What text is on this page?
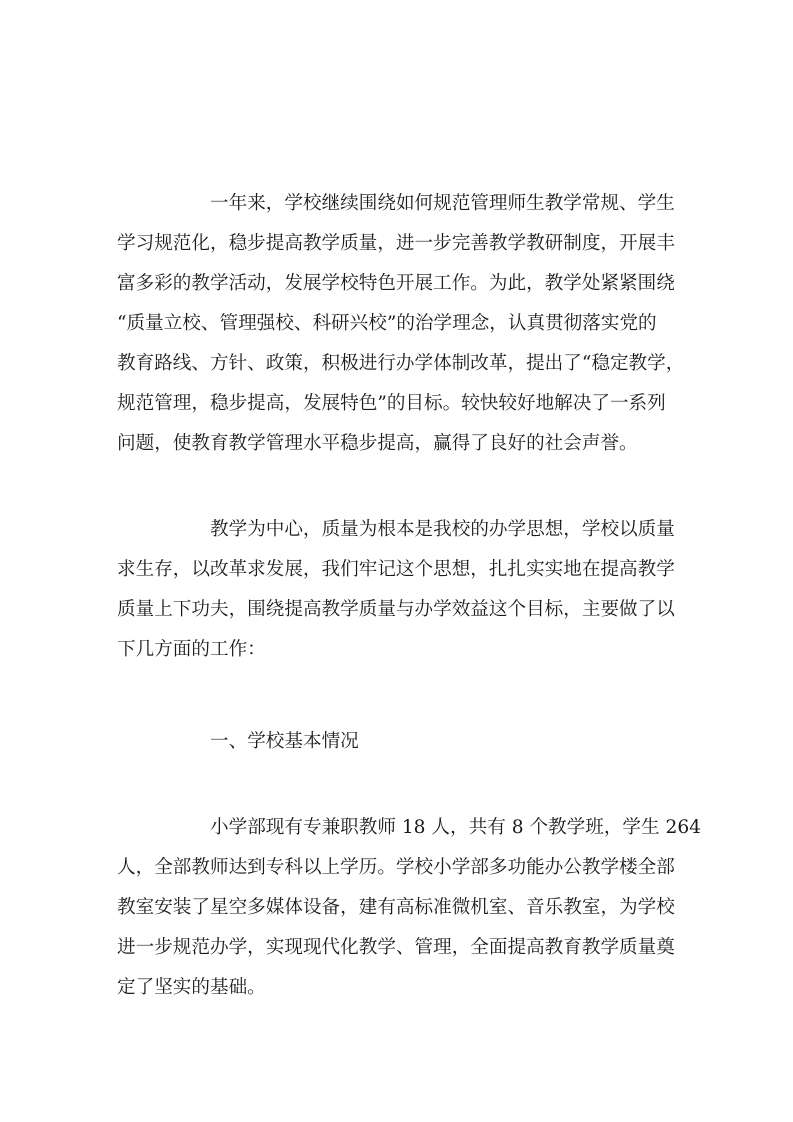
一年来，学校继续围绕如何规范管理师生教学常规、学生
学习规范化，稳步提高教学质量，进一步完善教学教研制度，开展丰
富多彩的教学活动，发展学校特色开展工作。为此，教学处紧紧围绕
“质量立校、管理强校、科研兴校”的治学理念，认真贯彻落实党的
教育路线、方针、政策，积极进行办学体制改革，提出了“稳定教学，
规范管理，稳步提高，发展特色”的目标。较快较好地解决了一系列
问题，使教育教学管理水平稳步提高，赢得了良好的社会声誉。
教学为中心，质量为根本是我校的办学思想，学校以质量
求生存，以改革求发展，我们牢记这个思想，扎扎实实地在提高教学
质量上下功夫，围绕提高教学质量与办学效益这个目标，主要做了以
下几方面的工作：
一、学校基本情况
小学部现有专兼职教师 18 人，共有 8 个教学班，学生 264
人，全部教师达到专科以上学历。学校小学部多功能办公教学楼全部
教室安装了星空多媒体设备，建有高标准微机室、音乐教室，为学校
进一步规范办学，实现现代化教学、管理，全面提高教育教学质量奠
定了坚实的基础。
